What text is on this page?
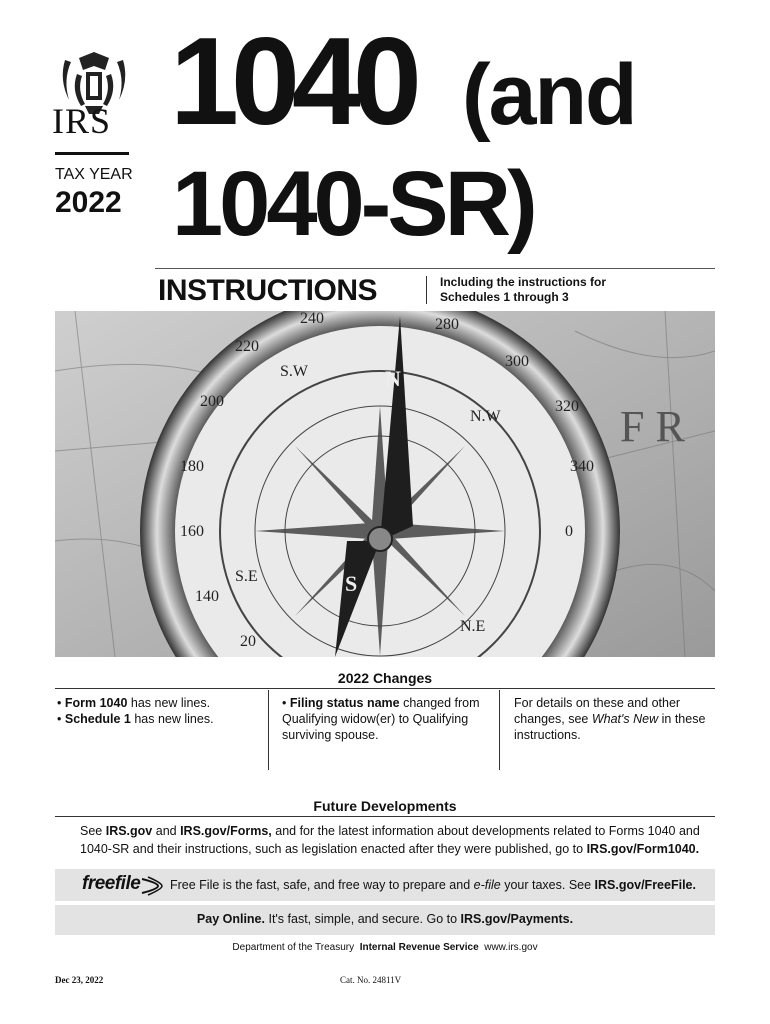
IRS
TAX YEAR
2022
1040 (and
1040-SR)
INSTRUCTIONS	Including the instructions for
Schedules 1 through 3
F R
N
S
240	280
300
320
340
220
200
180
160
140
0
20
S.W
N.W
S.E
N.E
2022 Changes
• Form 1040 has new lines.
• Schedule 1 has new lines.
• Filing status name changed from Qualifying widow(er) to Qualifying surviving spouse.
For details on these and other changes, see What's New in these instructions.
Future Developments
See IRS.gov and IRS.gov/Forms, and for the latest information about developments related to Forms 1040 and 1040-SR and their instructions, such as legislation enacted after they were published, go to IRS.gov/Form1040.
freefile Free File is the fast, safe, and free way to prepare and e-file your taxes. See IRS.gov/FreeFile.
Pay Online. It's fast, simple, and secure. Go to IRS.gov/Payments.
Department of the Treasury Internal Revenue Service www.irs.gov
Dec 23, 2022	Cat. No. 24811V
